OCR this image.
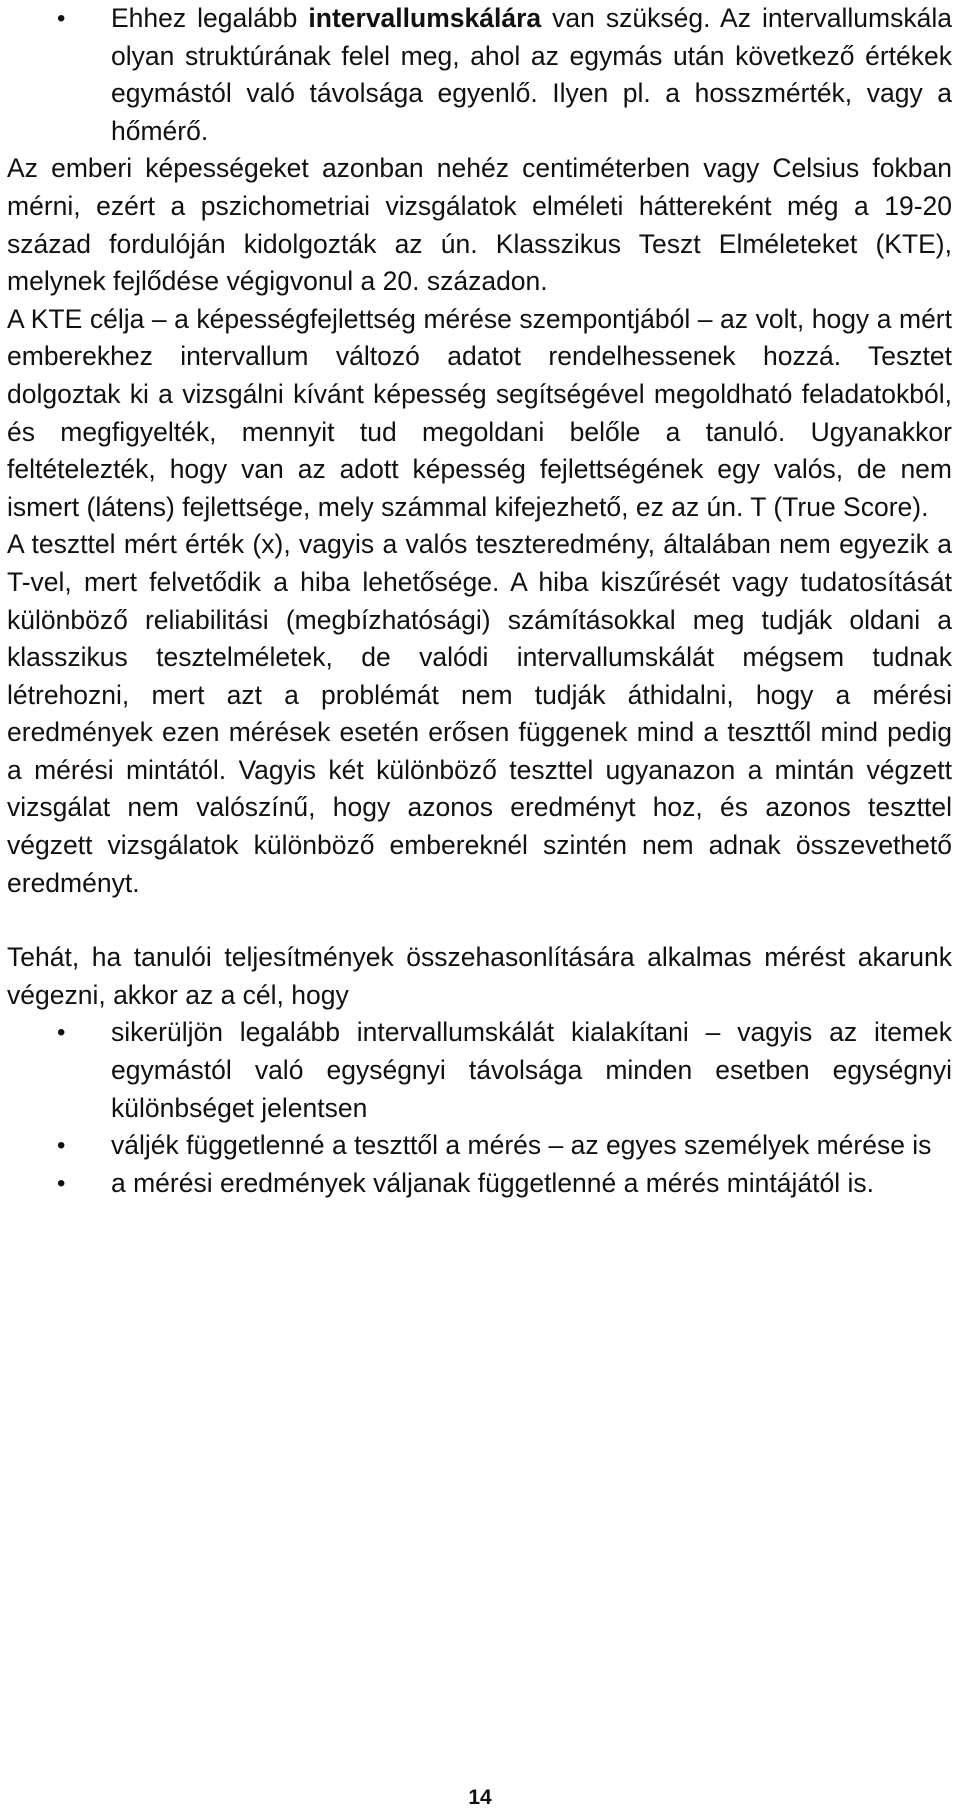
• Ehhez legalább intervallumskálára van szükség. Az intervallumskála olyan struktúrának felel meg, ahol az egymás után következő értékek egymástól való távolsága egyenlő. Ilyen pl. a hosszmérték, vagy a hőmérő.

Az emberi képességeket azonban nehéz centiméterben vagy Celsius fokban mérni, ezért a pszichometriai vizsgálatok elméleti háttereként még a 19-20 század fordulóján kidolgozták az ún. Klasszikus Teszt Elméleteket (KTE), melynek fejlődése végigvonul a 20. századon.

A KTE célja – a képességfejlettség mérése szempontjából – az volt, hogy a mért emberekhez intervallum változó adatot rendelhessenek hozzá. Tesztet dolgoztak ki a vizsgálni kívánt képesség segítségével megoldható feladatokból, és megfigyelték, mennyit tud megoldani belőle a tanuló. Ugyanakkor feltételezték, hogy van az adott képesség fejlettségének egy valós, de nem ismert (látens) fejlettsége, mely számmal kifejezhető, ez az ún. T (True Score).

A teszttel mért érték (x), vagyis a valós teszteredmény, általában nem egyezik a T-vel, mert felvetődik a hiba lehetősége. A hiba kiszűrését vagy tudatosítását különböző reliabilitási (megbízhatósági) számításokkal meg tudják oldani a klasszikus tesztelméletek, de valódi intervallumskálát mégsem tudnak létrehozni, mert azt a problémát nem tudják áthidalni, hogy a mérési eredmények ezen mérések esetén erősen függenek mind a teszttől mind pedig a mérési mintától. Vagyis két különböző teszttel ugyanazon a mintán végzett vizsgálat nem valószínű, hogy azonos eredményt hoz, és azonos teszttel végzett vizsgálatok különböző embereknél szintén nem adnak összevethető eredményt.

Tehát, ha tanulói teljesítmények összehasonlítására alkalmas mérést akarunk végezni, akkor az a cél, hogy

• sikerüljön legalább intervallumskálát kialakítani – vagyis az itemek egymástól való egységnyi távolsága minden esetben egységnyi különbséget jelentsen

• váljék függetlenné a teszttől a mérés – az egyes személyek mérése is

• a mérési eredmények váljanak függetlenné a mérés mintájától is.

14
